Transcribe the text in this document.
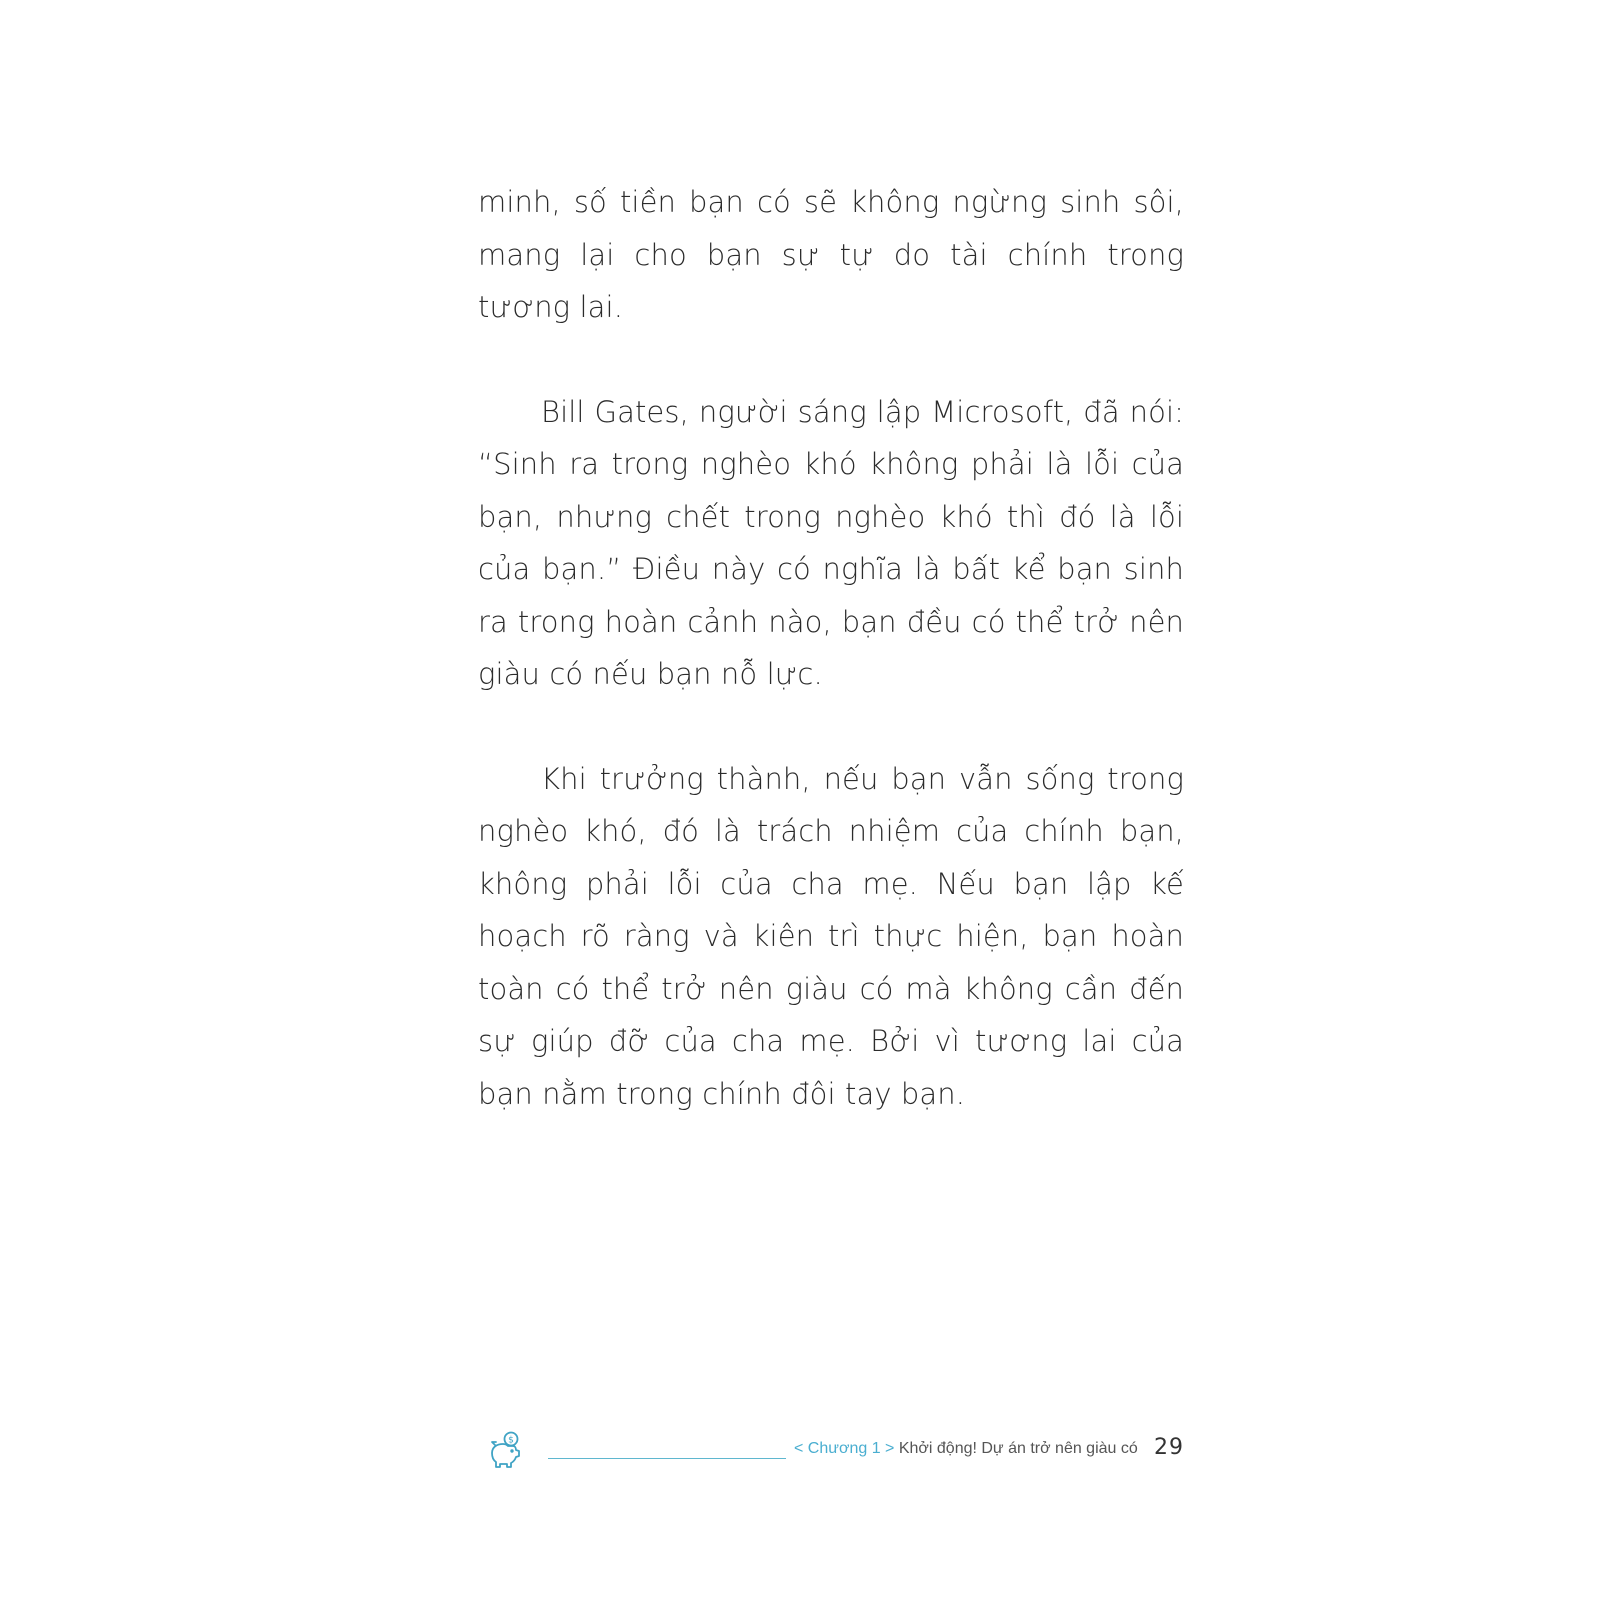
minh, số tiền bạn có sẽ không ngừng sinh sôi, mang lại cho bạn sự tự do tài chính trong tương lai.

Bill Gates, người sáng lập Microsoft, đã nói: “Sinh ra trong nghèo khó không phải là lỗi của bạn, nhưng chết trong nghèo khó thì đó là lỗi của bạn.” Điều này có nghĩa là bất kể bạn sinh ra trong hoàn cảnh nào, bạn đều có thể trở nên giàu có nếu bạn nỗ lực.

Khi trưởng thành, nếu bạn vẫn sống trong nghèo khó, đó là trách nhiệm của chính bạn, không phải lỗi của cha mẹ. Nếu bạn lập kế hoạch rõ ràng và kiên trì thực hiện, bạn hoàn toàn có thể trở nên giàu có mà không cần đến sự giúp đỡ của cha mẹ. Bởi vì tương lai của bạn nằm trong chính đôi tay bạn.

$	< Chương 1 > Khởi động! Dự án trở nên giàu có 29
